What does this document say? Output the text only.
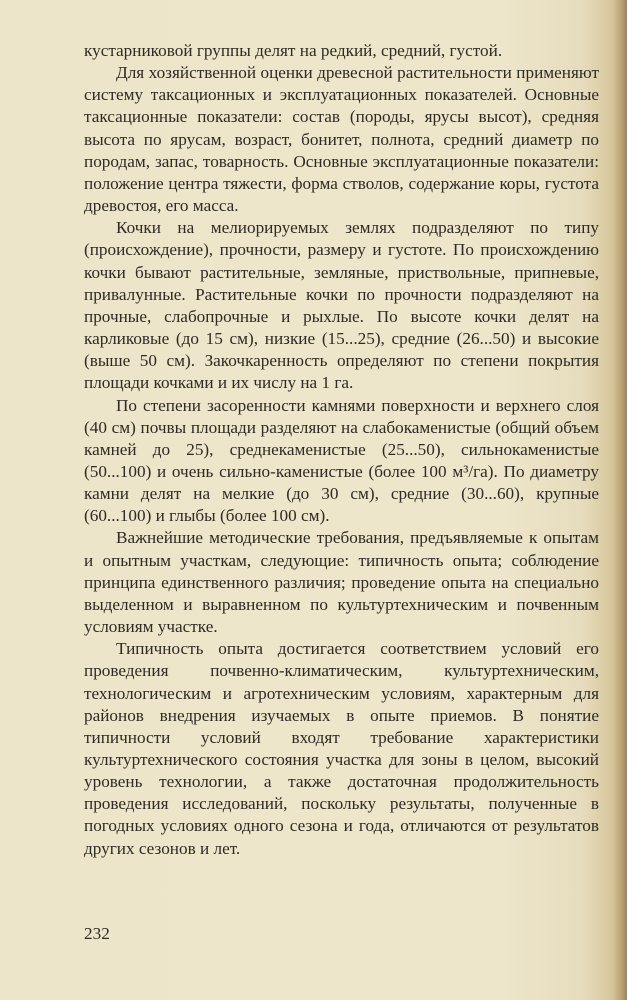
кустарниковой группы делят на редкий, средний, густой.

Для хозяйственной оценки древесной растительности применяют систему таксационных и эксплуатационных показателей. Основные таксационные показатели: состав (породы, ярусы высот), средняя высота по ярусам, возраст, бонитет, полнота, средний диаметр по породам, запас, товарность. Основные эксплуатационные показатели: положение центра тяжести, форма стволов, содержание коры, густота древостоя, его масса.

Кочки на мелиорируемых землях подразделяют по типу (происхождение), прочности, размеру и густоте. По происхождению кочки бывают растительные, земляные, приствольные, припневые, привалунные. Растительные кочки по прочности подразделяют на прочные, слабопрочные и рыхлые. По высоте кочки делят на карликовые (до 15 см), низкие (15...25), средние (26...50) и высокие (выше 50 см). Закочкаренность определяют по степени покрытия площади кочками и их числу на 1 га.

По степени засоренности камнями поверхности и верхнего слоя (40 см) почвы площади разделяют на слабокаменистые (общий объем камней до 25), среднекаменистые (25...50), сильнокаменистые (50...100) и очень сильно-каменистые (более 100 м³/га). По диаметру камни делят на мелкие (до 30 см), средние (30...60), крупные (60...100) и глыбы (более 100 см).

Важнейшие методические требования, предъявляемые к опытам и опытным участкам, следующие: типичность опыта; соблюдение принципа единственного различия; проведение опыта на специально выделенном и выравненном по культуртехническим и почвенным условиям участке.

Типичность опыта достигается соответствием условий его проведения почвенно-климатическим, культуртехническим, технологическим и агротехническим условиям, характерным для районов внедрения изучаемых в опыте приемов. В понятие типичности условий входят требование характеристики культуртехнического состояния участка для зоны в целом, высокий уровень технологии, а также достаточная продолжительность проведения исследований, поскольку результаты, полученные в погодных условиях одного сезона и года, отличаются от результатов других сезонов и лет.

232
